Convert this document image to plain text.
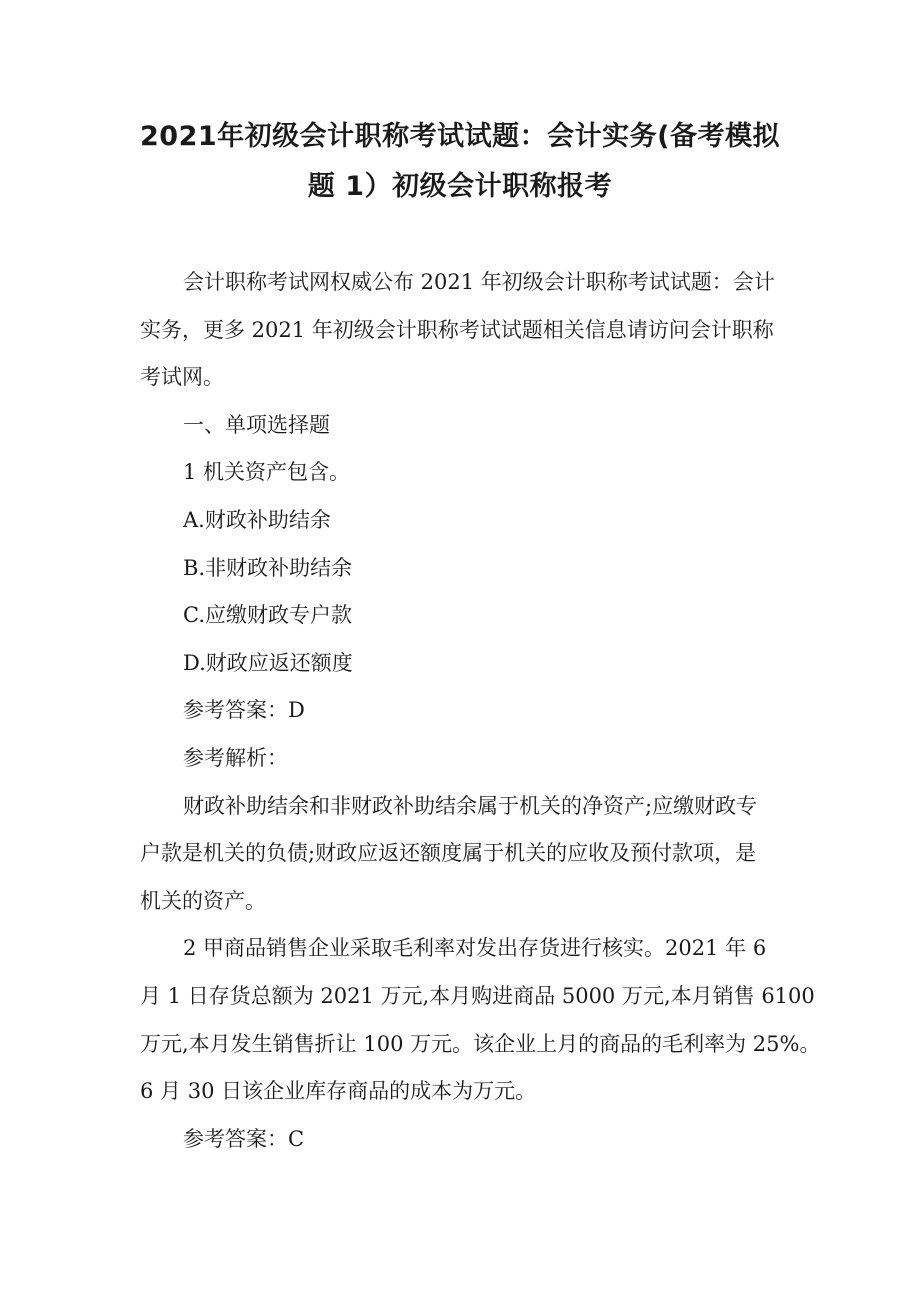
2021年初级会计职称考试试题：会计实务(备考模拟
题 1）初级会计职称报考
会计职称考试网权威公布 2021 年初级会计职称考试试题：会计
实务，更多 2021 年初级会计职称考试试题相关信息请访问会计职称
考试网。
一、单项选择题
1 机关资产包含。
A.财政补助结余
B.非财政补助结余
C.应缴财政专户款
D.财政应返还额度
参考答案：D
参考解析：
财政补助结余和非财政补助结余属于机关的净资产;应缴财政专
户款是机关的负债;财政应返还额度属于机关的应收及预付款项，是
机关的资产。
2 甲商品销售企业采取毛利率对发出存货进行核实。2021 年 6
月 1 日存货总额为 2021 万元,本月购进商品 5000 万元,本月销售 6100
万元,本月发生销售折让 100 万元。该企业上月的商品的毛利率为 25%。
6 月 30 日该企业库存商品的成本为万元。
参考答案：C
